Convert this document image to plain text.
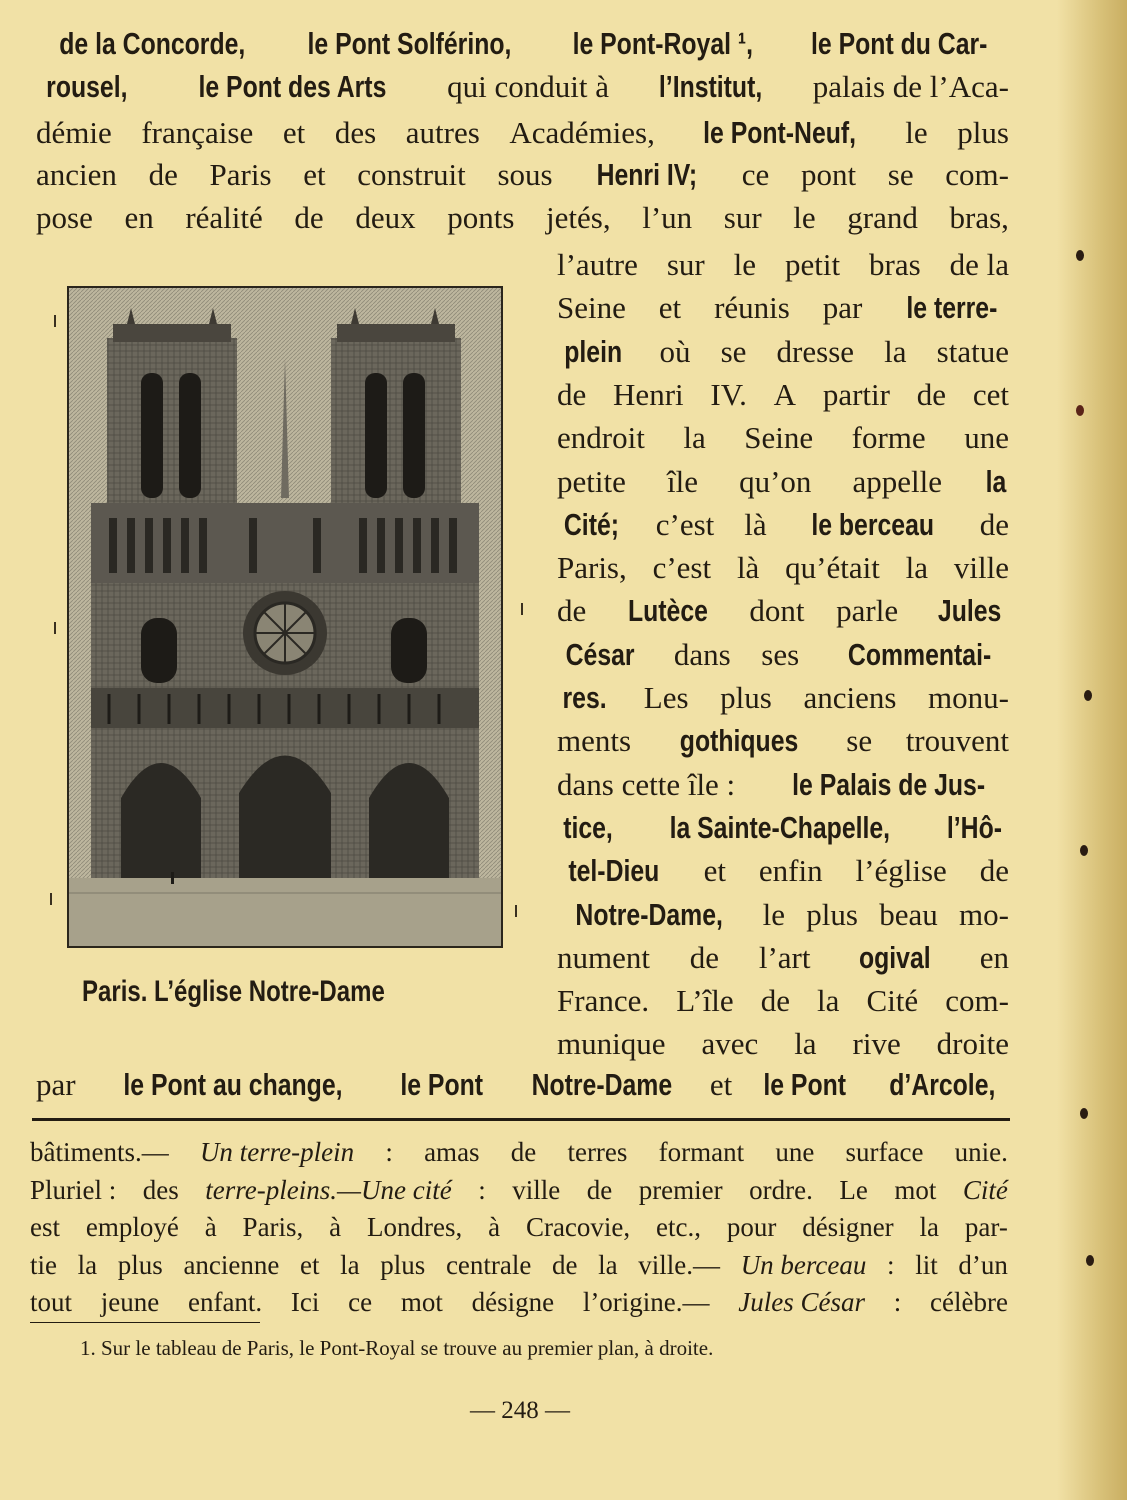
de la Concorde, le Pont Solférino, le Pont-Royal ¹, le Pont du Car-
rousel, le Pont des Arts qui conduit à l’Institut, palais de l’Aca-
démie française et des autres Académies, le Pont-Neuf, le plus
ancien de Paris et construit sous Henri IV; ce pont se com-
pose en réalité de deux ponts jetés, l’un sur le grand bras,
l’autre sur le petit bras de la
Seine et réunis par le terre-
plein où se dresse la statue
de Henri IV. A partir de cet
endroit la Seine forme une
petite île qu’on appelle la
Cité; c’est là le berceau de
Paris, c’est là qu’était la ville
de Lutèce dont parle Jules
César dans ses Commentai-
res. Les plus anciens monu-
ments gothiques se trouvent
dans cette île : le Palais de Jus-
tice, la Sainte-Chapelle, l’Hô-
tel-Dieu et enfin l’église de
Notre-Dame, le plus beau mo-
nument de l’art ogival en
France. L’île de la Cité com-
munique avec la rive droite
par le Pont au change, le Pont Notre-Dame et le Pont d’Arcole,
Paris. L’église Notre-Dame
bâtiments.— Un terre-plein : amas de terres formant une surface unie.
Pluriel : des terre-pleins.—Une cité : ville de premier ordre. Le mot Cité
est employé à Paris, à Londres, à Cracovie, etc., pour désigner la par-
tie la plus ancienne et la plus centrale de la ville.— Un berceau : lit d’un
tout jeune enfant. Ici ce mot désigne l’origine.— Jules César : célèbre
1. Sur le tableau de Paris, le Pont-Royal se trouve au premier plan, à droite.
— 248 —
